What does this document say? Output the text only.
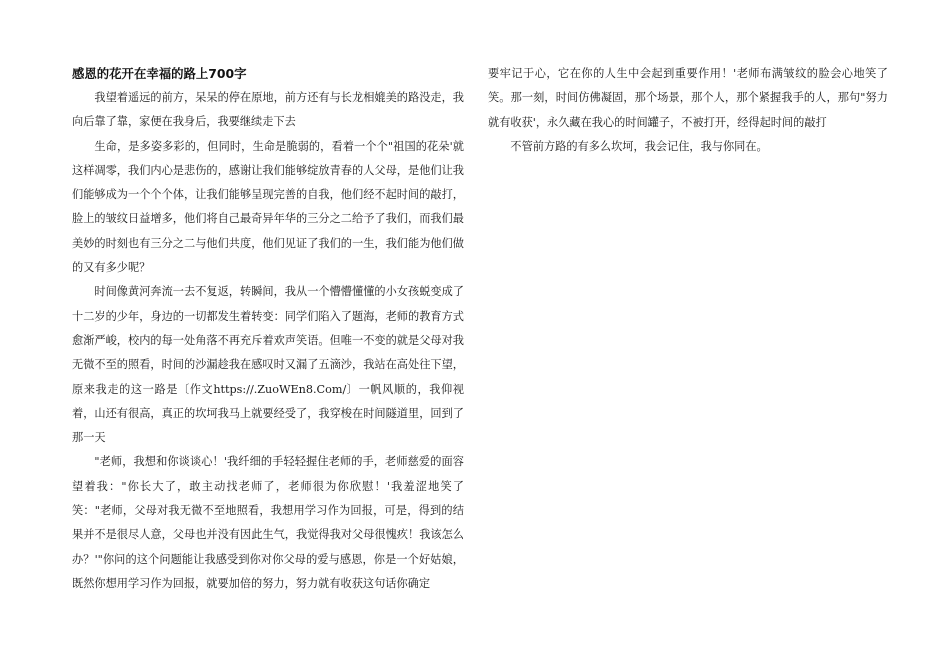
感恩的花开在幸福的路上700字

我望着遥远的前方，呆呆的停在原地，前方还有与长龙相媲美的路没走，我向后靠了靠，家便在我身后，我要继续走下去

生命，是多姿多彩的，但同时，生命是脆弱的，看着一个个"祖国的花朵'就这样凋零，我们内心是悲伤的，感谢让我们能够绽放青春的人父母，是他们让我们能够成为一个个个体，让我们能够呈现完善的自我，他们经不起时间的敲打，脸上的皱纹日益增多，他们将自己最奇异年华的三分之二给予了我们，而我们最美妙的时刻也有三分之二与他们共度，他们见证了我们的一生，我们能为他们做的又有多少呢？

时间像黄河奔流一去不复返，转瞬间，我从一个懵懵懂懂的小女孩蜕变成了十二岁的少年，身边的一切都发生着转变：同学们陷入了题海，老师的教育方式愈渐严峻，校内的每一处角落不再充斥着欢声笑语。但唯一不变的就是父母对我无微不至的照看，时间的沙漏趁我在感叹时又漏了五滴沙，我站在高处往下望，原来我走的这一路是〔作文https://.ZuoWEn8.Com/〕一帆风顺的，我仰视着，山还有很高，真正的坎坷我马上就要经受了，我穿梭在时间隧道里，回到了那一天

"老师，我想和你谈谈心！'我纤细的手轻轻握住老师的手，老师慈爱的面容望着我："你长大了，敢主动找老师了，老师很为你欣慰！'我羞涩地笑了笑："老师，父母对我无微不至地照看，我想用学习作为回报，可是，得到的结果并不是很尽人意，父母也并没有因此生气，我觉得我对父母很愧疚！我该怎么办？'"你问的这个问题能让我感受到你对你父母的爱与感恩，你是一个好姑娘，既然你想用学习作为回报，就要加倍的努力，努力就有收获这句话你确定

要牢记于心，它在你的人生中会起到重要作用！'老师布满皱纹的脸会心地笑了笑。那一刻，时间仿佛凝固，那个场景，那个人，那个紧握我手的人，那句"努力就有收获'，永久藏在我心的时间罐子，不被打开，经得起时间的敲打

不管前方路的有多么坎坷，我会记住，我与你同在。
